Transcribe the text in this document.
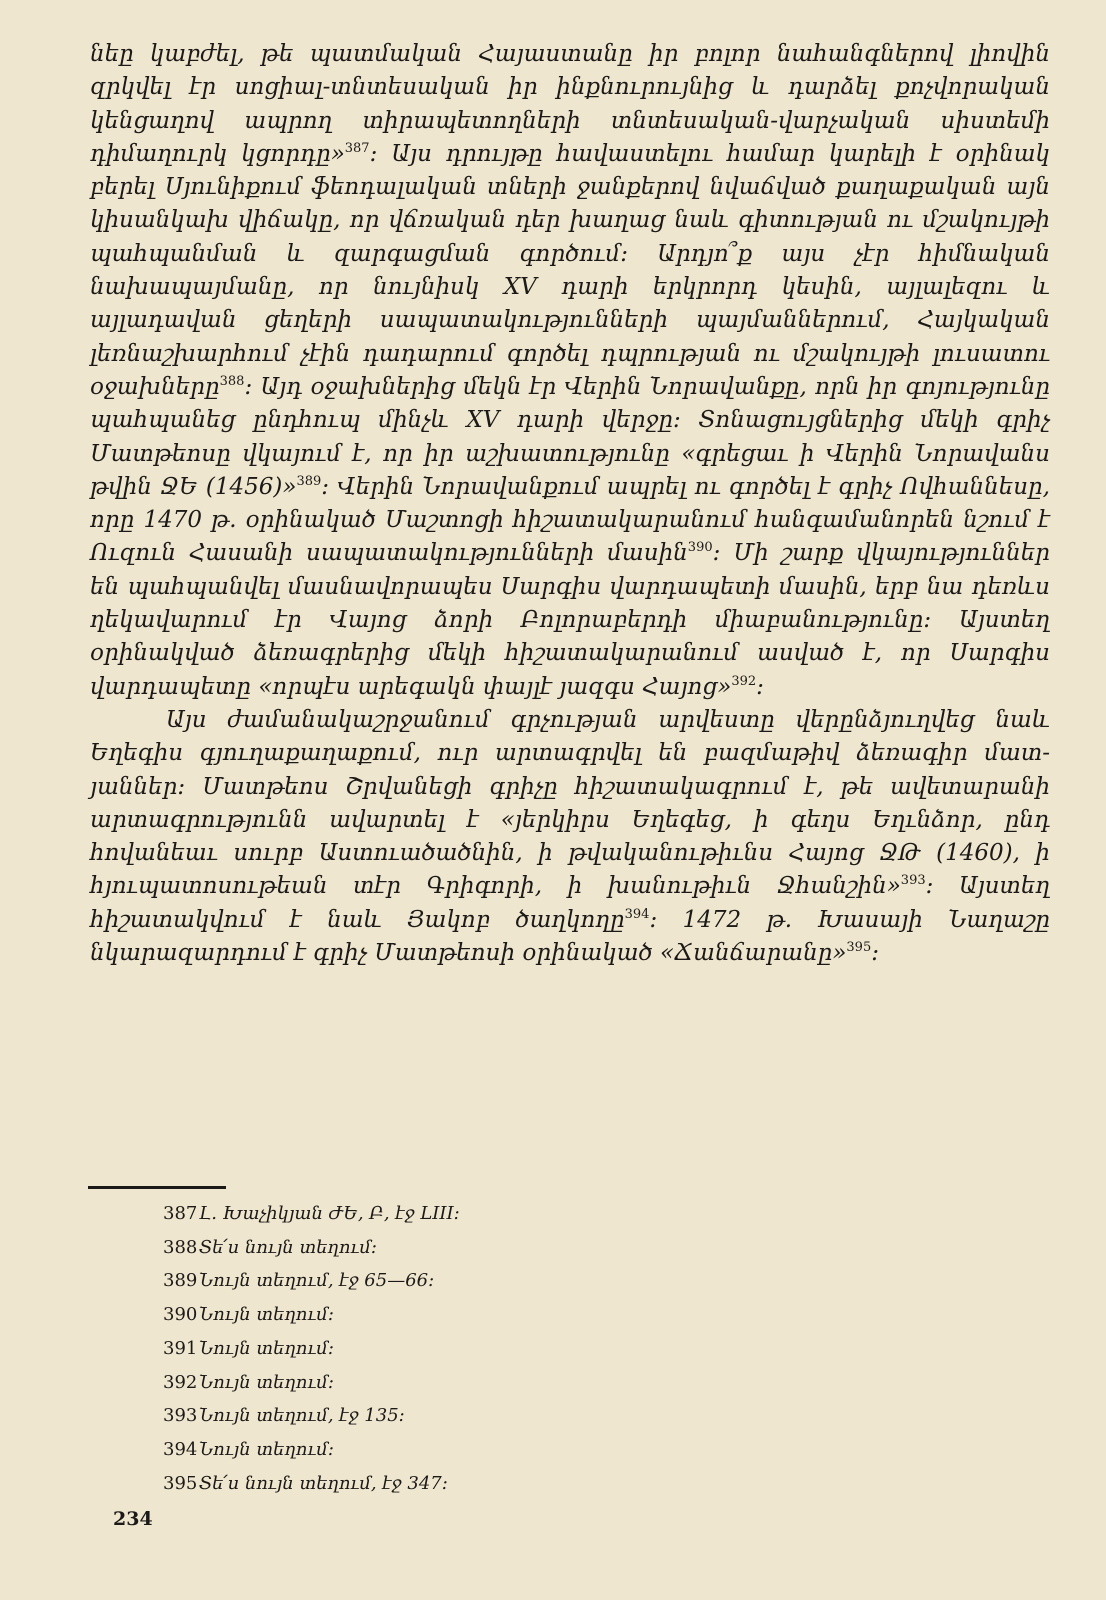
նեը կաբժել, թե պատմական Հայաստանը իր բոլոր նահանգներով լիովին զրկվել էր սոցիալ-տնտեսական իր ինքնուրույնից և դարձել քոչվորական կենցաղով ապրող տիրապետողների տնտեսական-վարչական սիստեմի դիմաղուրկ կցորդը»$^{387}$։ Այս դրույթը հավաստելու համար կարելի է օրինակ բերել Սյունիքում ֆեոդալական տների ջանքերով նվաճված քաղաքական այն կիսանկախ վիճակը, որ վճռական դեր խաղաց նաև գիտության ու մշակույթի պահպանման և զարգացման գործում։ Արդյո՞ք այս չէր հիմնական նախապայմանը, որ նույնիսկ XV դարի երկրորդ կեսին, այլալեզու և այլադավան ցեղերի սապատակությունների պայմաններում, Հայկական լեռնաշխարհում չէին դադարում գործել դպրության ու մշակույթի լուսատու օջախները$^{388}$։ Այդ օջախներից մեկն էր Վերին Նորավանքը, որն իր գոյությունը պահպանեց ընդհուպ մինչև XV դարի վերջը։ Տոնացույցներից մեկի գրիչ Մատթեոսը վկայում է, որ իր աշխատությունը «գրեցաւ ի Վերին Նորավանս թվին ՋԵ (1456)»$^{389}$։ Վերին Նորավանքում ապրել ու գործել է գրիչ Ովհաննեսը, որը 1470 թ. օրինակած Մաշտոցի հիշատակարանում հանգամանորեն նշում է Ուզուն Հասանի սապատակությունների մասին$^{390}$։ Մի շարք վկայություններ են պահպանվել մասնավորապես Սարգիս վարդապետի մասին, երբ նա դեռևս ղեկավարում էր Վայոց ձորի Բոլորաբերդի միաբանությունը։ Այստեղ օրինակված ձեռագրերից մեկի հիշատակարանում ասված է, որ Սարգիս վարդապետը «որպէս արեգակն փայլէ յազգս Հայոց»$^{392}$։

Այս ժամանակաշրջանում գրչության արվեստը վերընձյուղվեց նաև Եղեգիս գյուղաքաղաքում, ուր արտագրվել են բազմաթիվ ձեռագիր մատյաններ։ Մատթեոս Շրվանեցի գրիչը հիշատակագրում է, թե ավետարանի արտագրությունն ավարտել է «յերկիրս Եղեգեց, ի գեղս Եղւնձոր, ընդ հովանեաւ սուրբ Աստուածածնին, ի թվականութիւնս Հայոց ՋԹ (1460), ի հյուպատոսութեան տէր Գրիգորի, ի խանութիւն Ջհանշին»$^{393}$։ Այստեղ հիշատակվում է նաև Յակոբ ծաղկողը$^{394}$։ 1472 թ. Խասայի Նաղաշը նկարազարդում է գրիչ Մատթեոսի օրինակած «Ճանճարանը»$^{395}$։

387Լ. Խաչիկյան ԺԵ, Բ, էջ LIII։
388Տե՛ս նույն տեղում։
389Նույն տեղում, էջ 65—66։
390Նույն տեղում։
391Նույն տեղում։
392Նույն տեղում։
393Նույն տեղում, էջ 135։
394Նույն տեղում։
395Տե՛ս նույն տեղում, էջ 347։
234
